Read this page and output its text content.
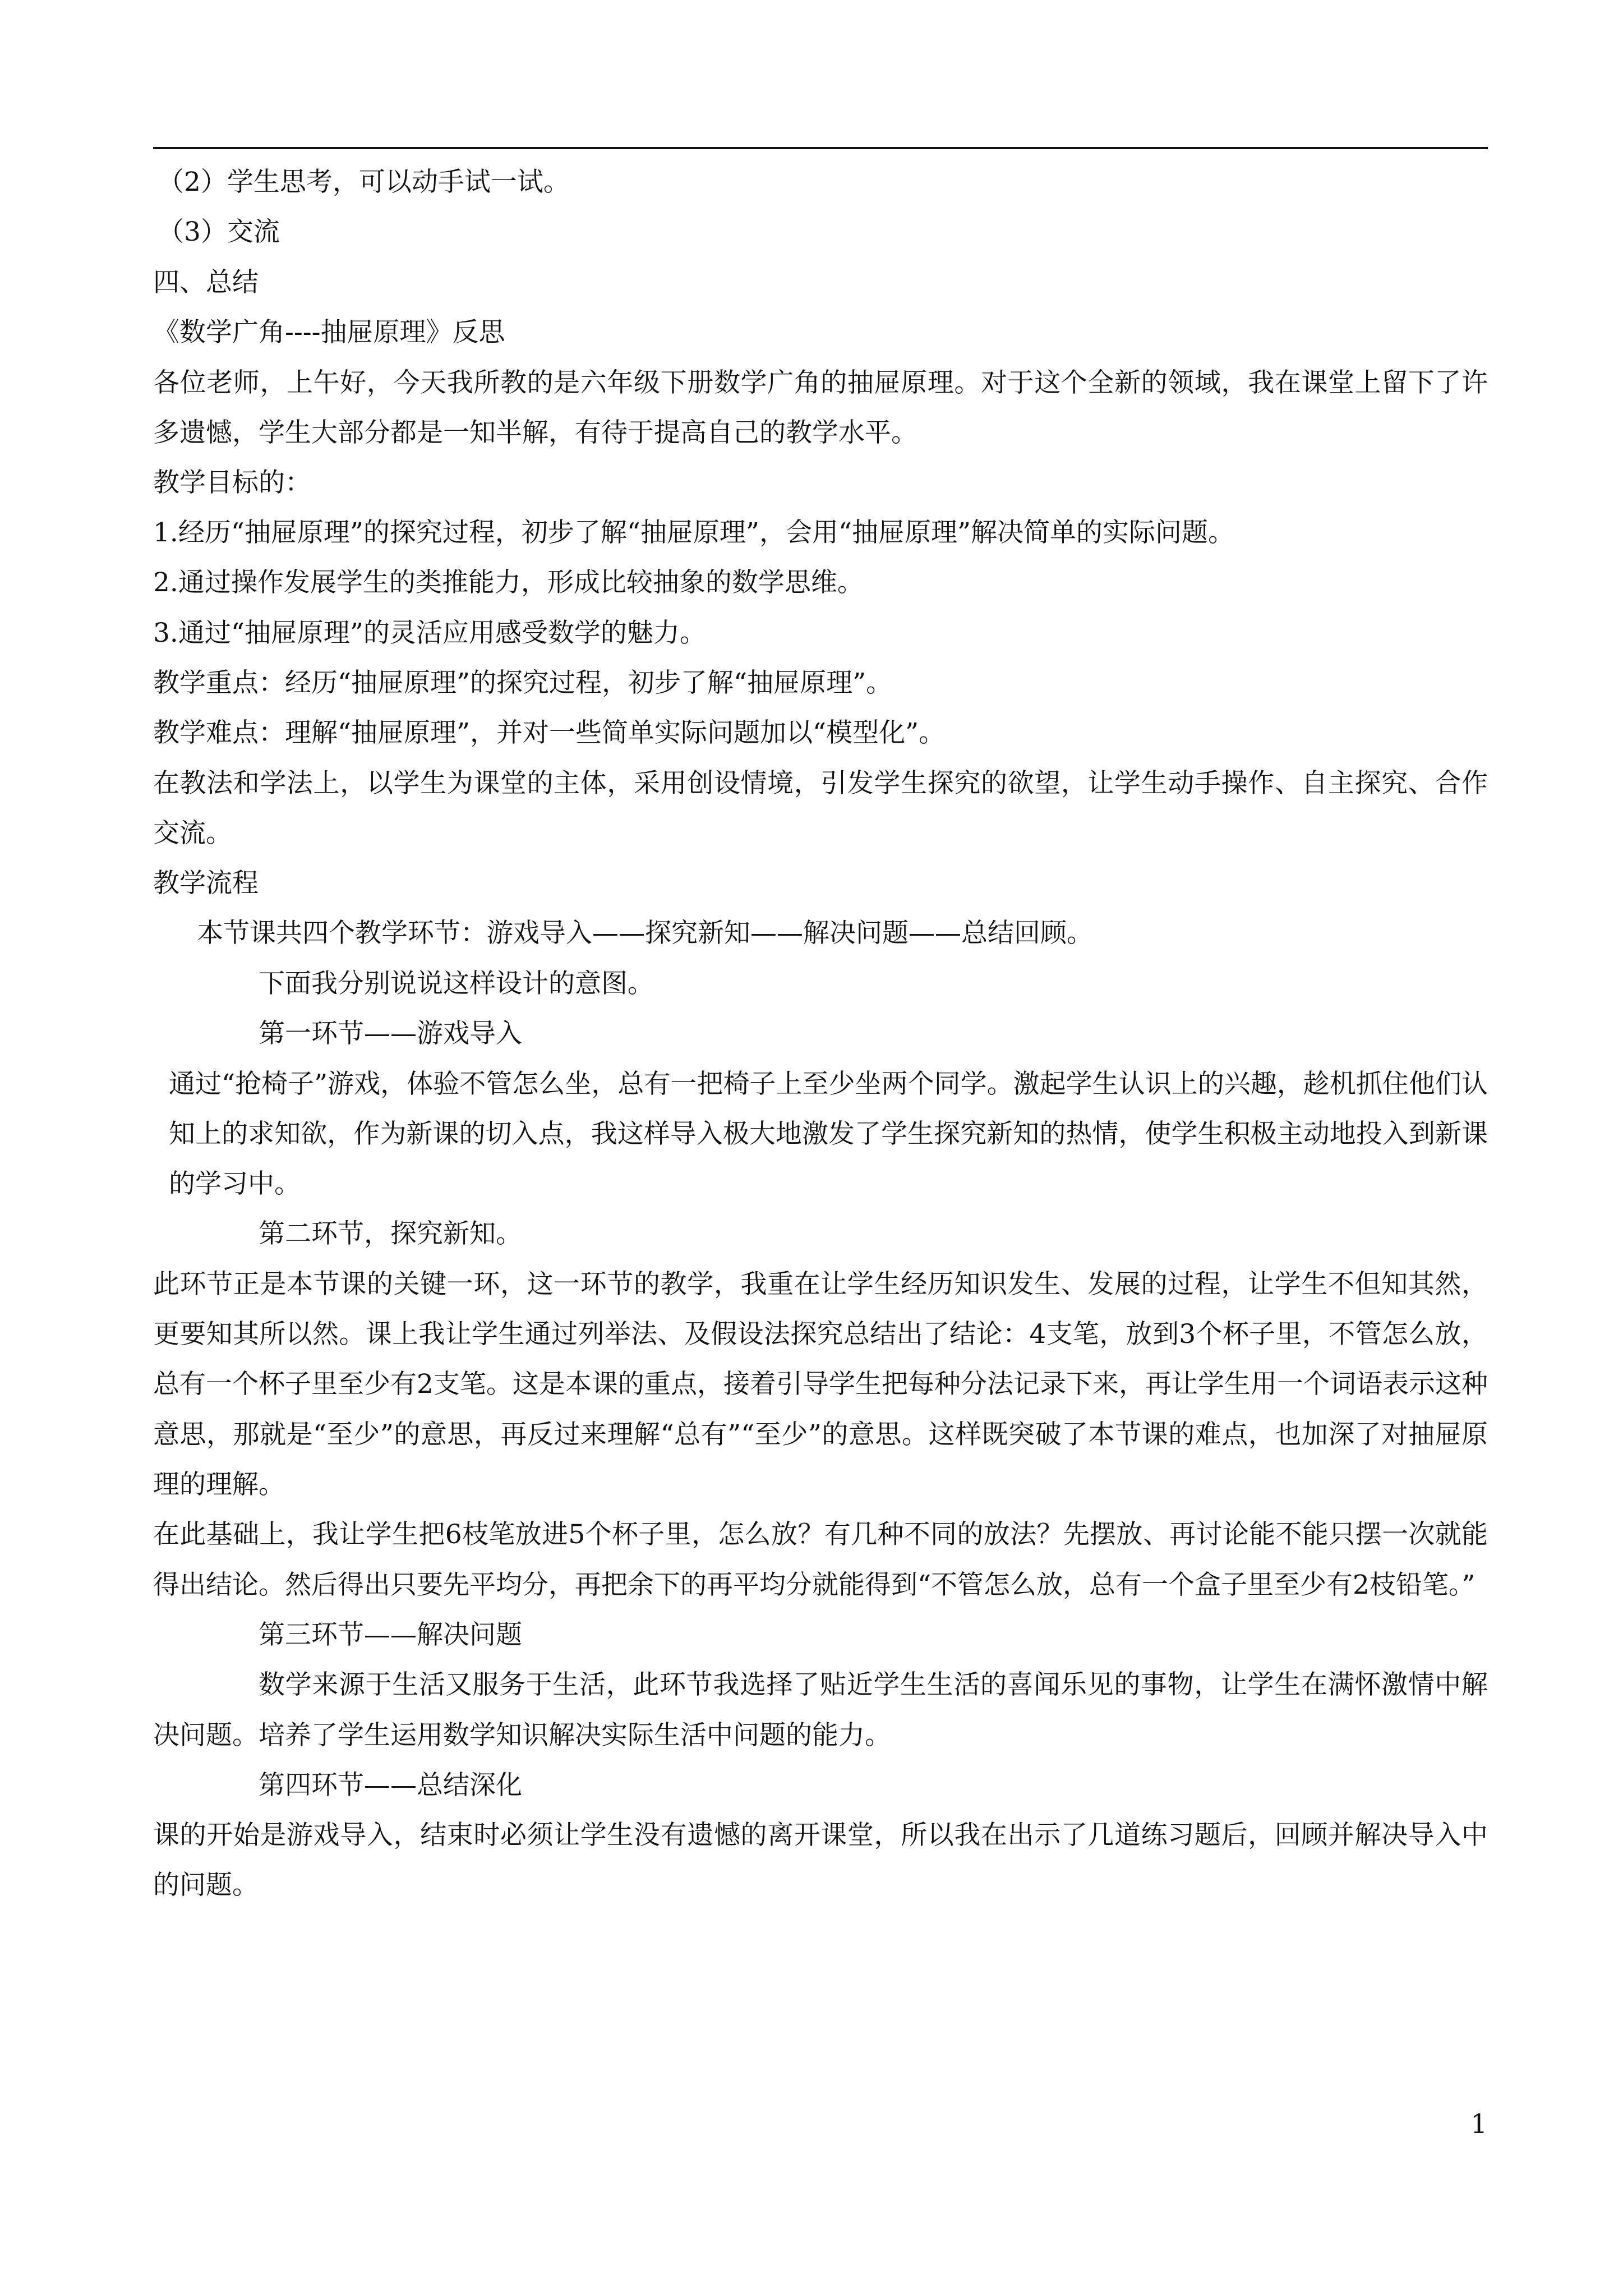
（2）学生思考，可以动手试一试。
（3）交流
四、总结
《数学广角----抽屉原理》反思
各位老师，上午好，今天我所教的是六年级下册数学广角的抽屉原理。对于这个全新的领域，我在课堂上留下了许多遗憾，学生大部分都是一知半解，有待于提高自己的教学水平。
教学目标的：
1.经历“抽屉原理”的探究过程，初步了解“抽屉原理”，会用“抽屉原理”解决简单的实际问题。
2.通过操作发展学生的类推能力，形成比较抽象的数学思维。
3.通过“抽屉原理”的灵活应用感受数学的魅力。
教学重点：经历“抽屉原理”的探究过程，初步了解“抽屉原理”。
教学难点：理解“抽屉原理”，并对一些简单实际问题加以“模型化”。
在教法和学法上，以学生为课堂的主体，采用创设情境，引发学生探究的欲望，让学生动手操作、自主探究、合作交流。
教学流程
本节课共四个教学环节：游戏导入——探究新知——解决问题——总结回顾。
下面我分别说说这样设计的意图。
第一环节——游戏导入
通过“抢椅子”游戏，体验不管怎么坐，总有一把椅子上至少坐两个同学。激起学生认识上的兴趣，趁机抓住他们认知上的求知欲，作为新课的切入点，我这样导入极大地激发了学生探究新知的热情，使学生积极主动地投入到新课的学习中。
第二环节，探究新知。
此环节正是本节课的关键一环，这一环节的教学，我重在让学生经历知识发生、发展的过程，让学生不但知其然，更要知其所以然。课上我让学生通过列举法、及假设法探究总结出了结论：4支笔，放到3个杯子里，不管怎么放，总有一个杯子里至少有2支笔。这是本课的重点，接着引导学生把每种分法记录下来，再让学生用一个词语表示这种意思，那就是“至少”的意思，再反过来理解“总有”“至少”的意思。这样既突破了本节课的难点，也加深了对抽屉原理的理解。
在此基础上，我让学生把6枝笔放进5个杯子里，怎么放？有几种不同的放法？先摆放、再讨论能不能只摆一次就能得出结论。然后得出只要先平均分，再把余下的再平均分就能得到“不管怎么放，总有一个盒子里至少有2枝铅笔。”
第三环节——解决问题
数学来源于生活又服务于生活，此环节我选择了贴近学生生活的喜闻乐见的事物，让学生在满怀激情中解决问题。培养了学生运用数学知识解决实际生活中问题的能力。
第四环节——总结深化
课的开始是游戏导入，结束时必须让学生没有遗憾的离开课堂，所以我在出示了几道练习题后，回顾并解决导入中的问题。
1
